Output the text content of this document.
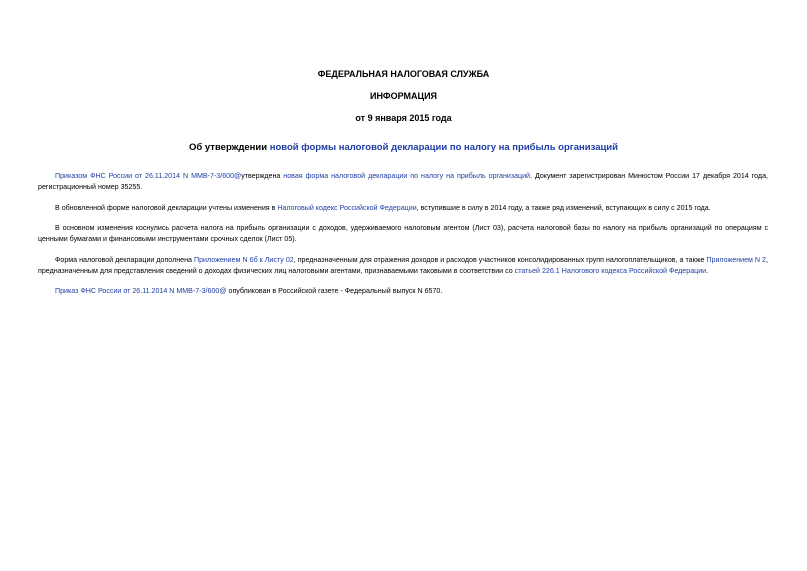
ФЕДЕРАЛЬНАЯ НАЛОГОВАЯ СЛУЖБА
ИНФОРМАЦИЯ
от 9 января 2015 года
Об утверждении новой формы налоговой декларации по налогу на прибыль организаций
Приказом ФНС России от 26.11.2014 N ММВ-7-3/600@утверждена новая форма налоговой декларации по налогу на прибыль организаций. Документ зарегистрирован Минюстом России 17 декабря 2014 года, регистрационный номер 35255.
В обновленной форме налоговой декларации учтены изменения в Налоговый кодекс Российской Федерации, вступившие в силу в 2014 году, а также ряд изменений, вступающих в силу с 2015 года.
В основном изменения коснулись расчета налога на прибыль организации с доходов, удерживаемого налоговым агентом (Лист 03), расчета налоговой базы по налогу на прибыль организаций по операциям с ценными бумагами и финансовыми инструментами срочных сделок (Лист 05).
Форма налоговой декларации дополнена Приложением N 6б к Листу 02, предназначенным для отражения доходов и расходов участников консолидированных групп налогоплательщиков, а также Приложением N 2, предназначенным для представления сведений о доходах физических лиц налоговыми агентами, признаваемыми таковыми в соответствии со статьей 226.1 Налогового кодекса Российской Федерации.
Приказ ФНС России от 26.11.2014 N ММВ-7-3/600@ опубликован в Российской газете - Федеральный выпуск N 6570.
